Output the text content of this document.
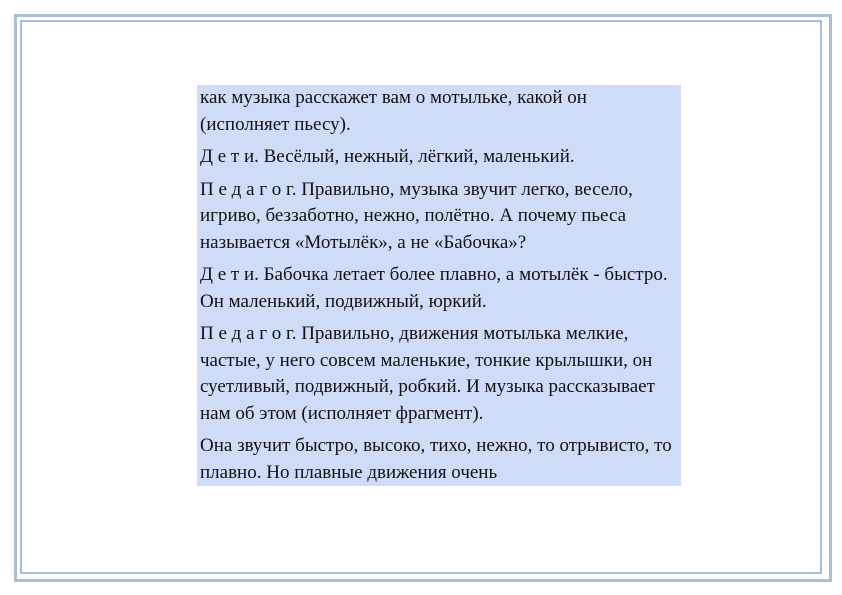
как музыка расскажет вам о мотыльке, какой он (исполняет пьесу).

Д е т и. Весёлый, нежный, лёгкий, маленький.

П е д а г о г. Правильно, музыка звучит легко, весело, игриво, беззаботно, нежно, полётно. А почему пьеса называется «Мотылёк», а не «Бабочка»?

Д е т и. Бабочка летает более плавно, а мотылёк - быстро. Он маленький, подвижный, юркий.

П е д а г о г. Правильно, движения мотылька мелкие, частые, у него совсем маленькие, тонкие крылышки, он суетливый, подвижный, робкий. И музыка рассказывает нам об этом (исполняет фрагмент).

Она звучит быстро, высоко, тихо, нежно, то отрывисто, то плавно. Но плавные движения очень
